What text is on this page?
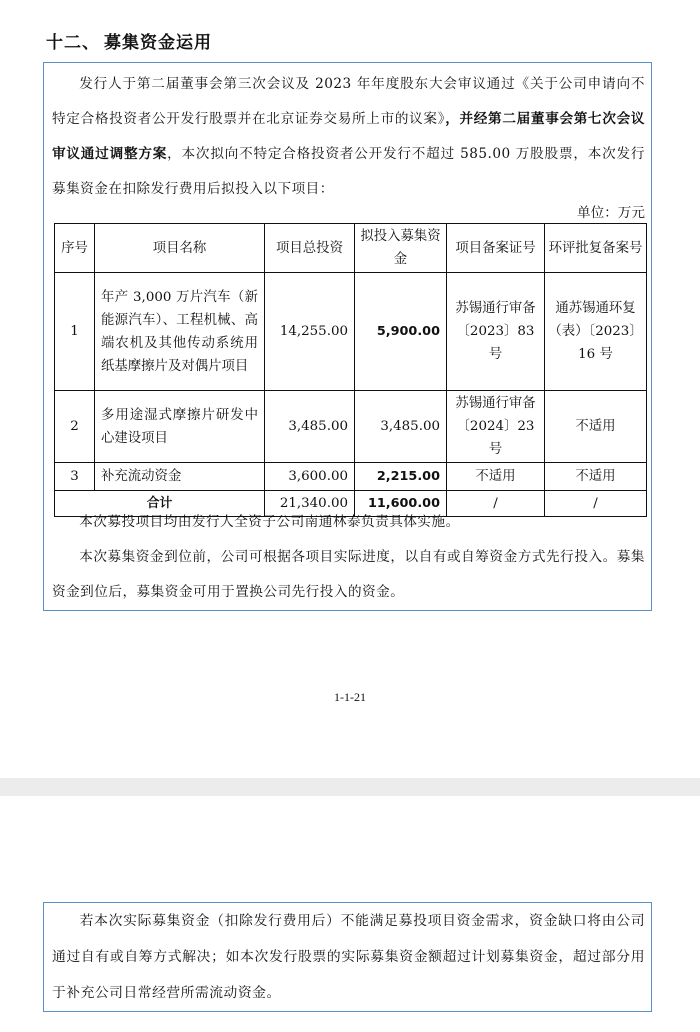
十二、 募集资金运用

发行人于第二届董事会第三次会议及 2023 年年度股东大会审议通过《关于公司申请向不特定合格投资者公开发行股票并在北京证券交易所上市的议案》，并经第二届董事会第七次会议审议通过调整方案，本次拟向不特定合格投资者公开发行不超过 585.00 万股股票，本次发行募集资金在扣除发行费用后拟投入以下项目：

单位：万元
序号	项目名称	项目总投资	拟投入募集资金	项目备案证号	环评批复备案号
1	年产 3,000 万片汽车（新能源汽车）、工程机械、高端农机及其他传动系统用纸基摩擦片及对偶片项目	14,255.00	5,900.00	苏锡通行审备〔2023〕83 号	通苏锡通环复（表）〔2023〕16 号
2	多用途湿式摩擦片研发中心建设项目	3,485.00	3,485.00	苏锡通行审备〔2024〕23 号	不适用
3	补充流动资金	3,600.00	2,215.00	不适用	不适用
合计		21,340.00	11,600.00	/	/

本次募投项目均由发行人全资子公司南通林泰负责具体实施。

本次募集资金到位前，公司可根据各项目实际进度，以自有或自筹资金方式先行投入。募集资金到位后，募集资金可用于置换公司先行投入的资金。

1-1-21

若本次实际募集资金（扣除发行费用后）不能满足募投项目资金需求，资金缺口将由公司通过自有或自筹方式解决；如本次发行股票的实际募集资金额超过计划募集资金，超过部分用于补充公司日常经营所需流动资金。
